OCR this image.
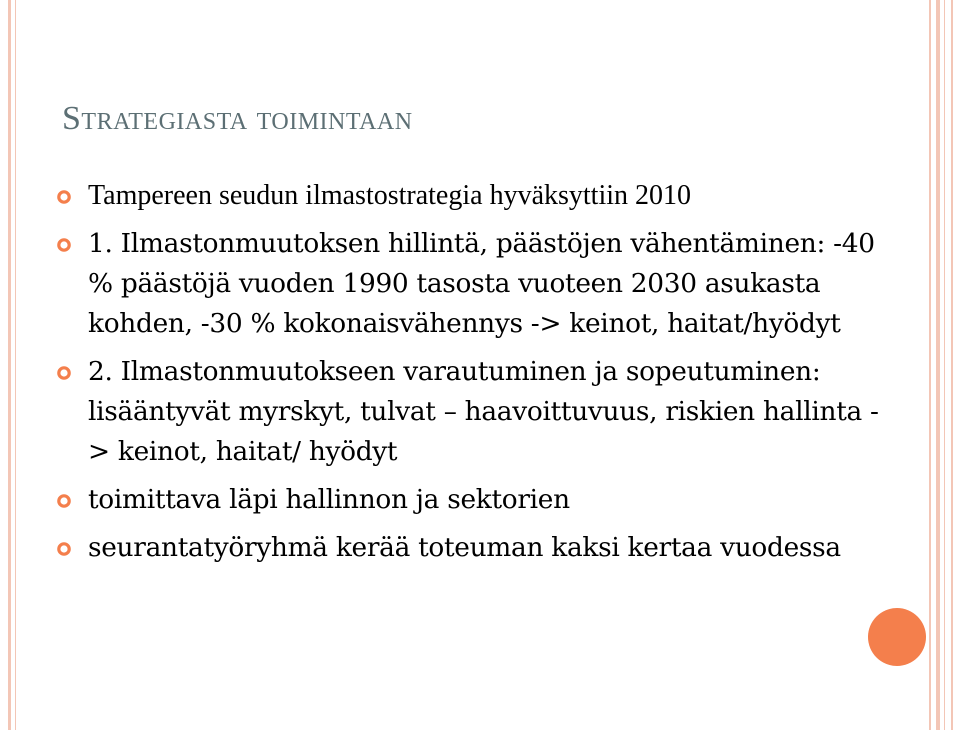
Strategiasta toimintaan
Tampereen seudun ilmastostrategia hyväksyttiin 2010
1. Ilmastonmuutoksen hillintä, päästöjen vähentäminen: -40 % päästöjä vuoden 1990 tasosta vuoteen 2030 asukasta kohden, -30 % kokonaisvähennys -> keinot, haitat/hyödyt
2. Ilmastonmuutokseen varautuminen ja sopeutuminen: lisääntyvät myrskyt, tulvat – haavoittuvuus, riskien hallinta -> keinot, haitat/ hyödyt
toimittava läpi hallinnon ja sektorien
seurantatyöryhmä kerää toteuman kaksi kertaa vuodessa
